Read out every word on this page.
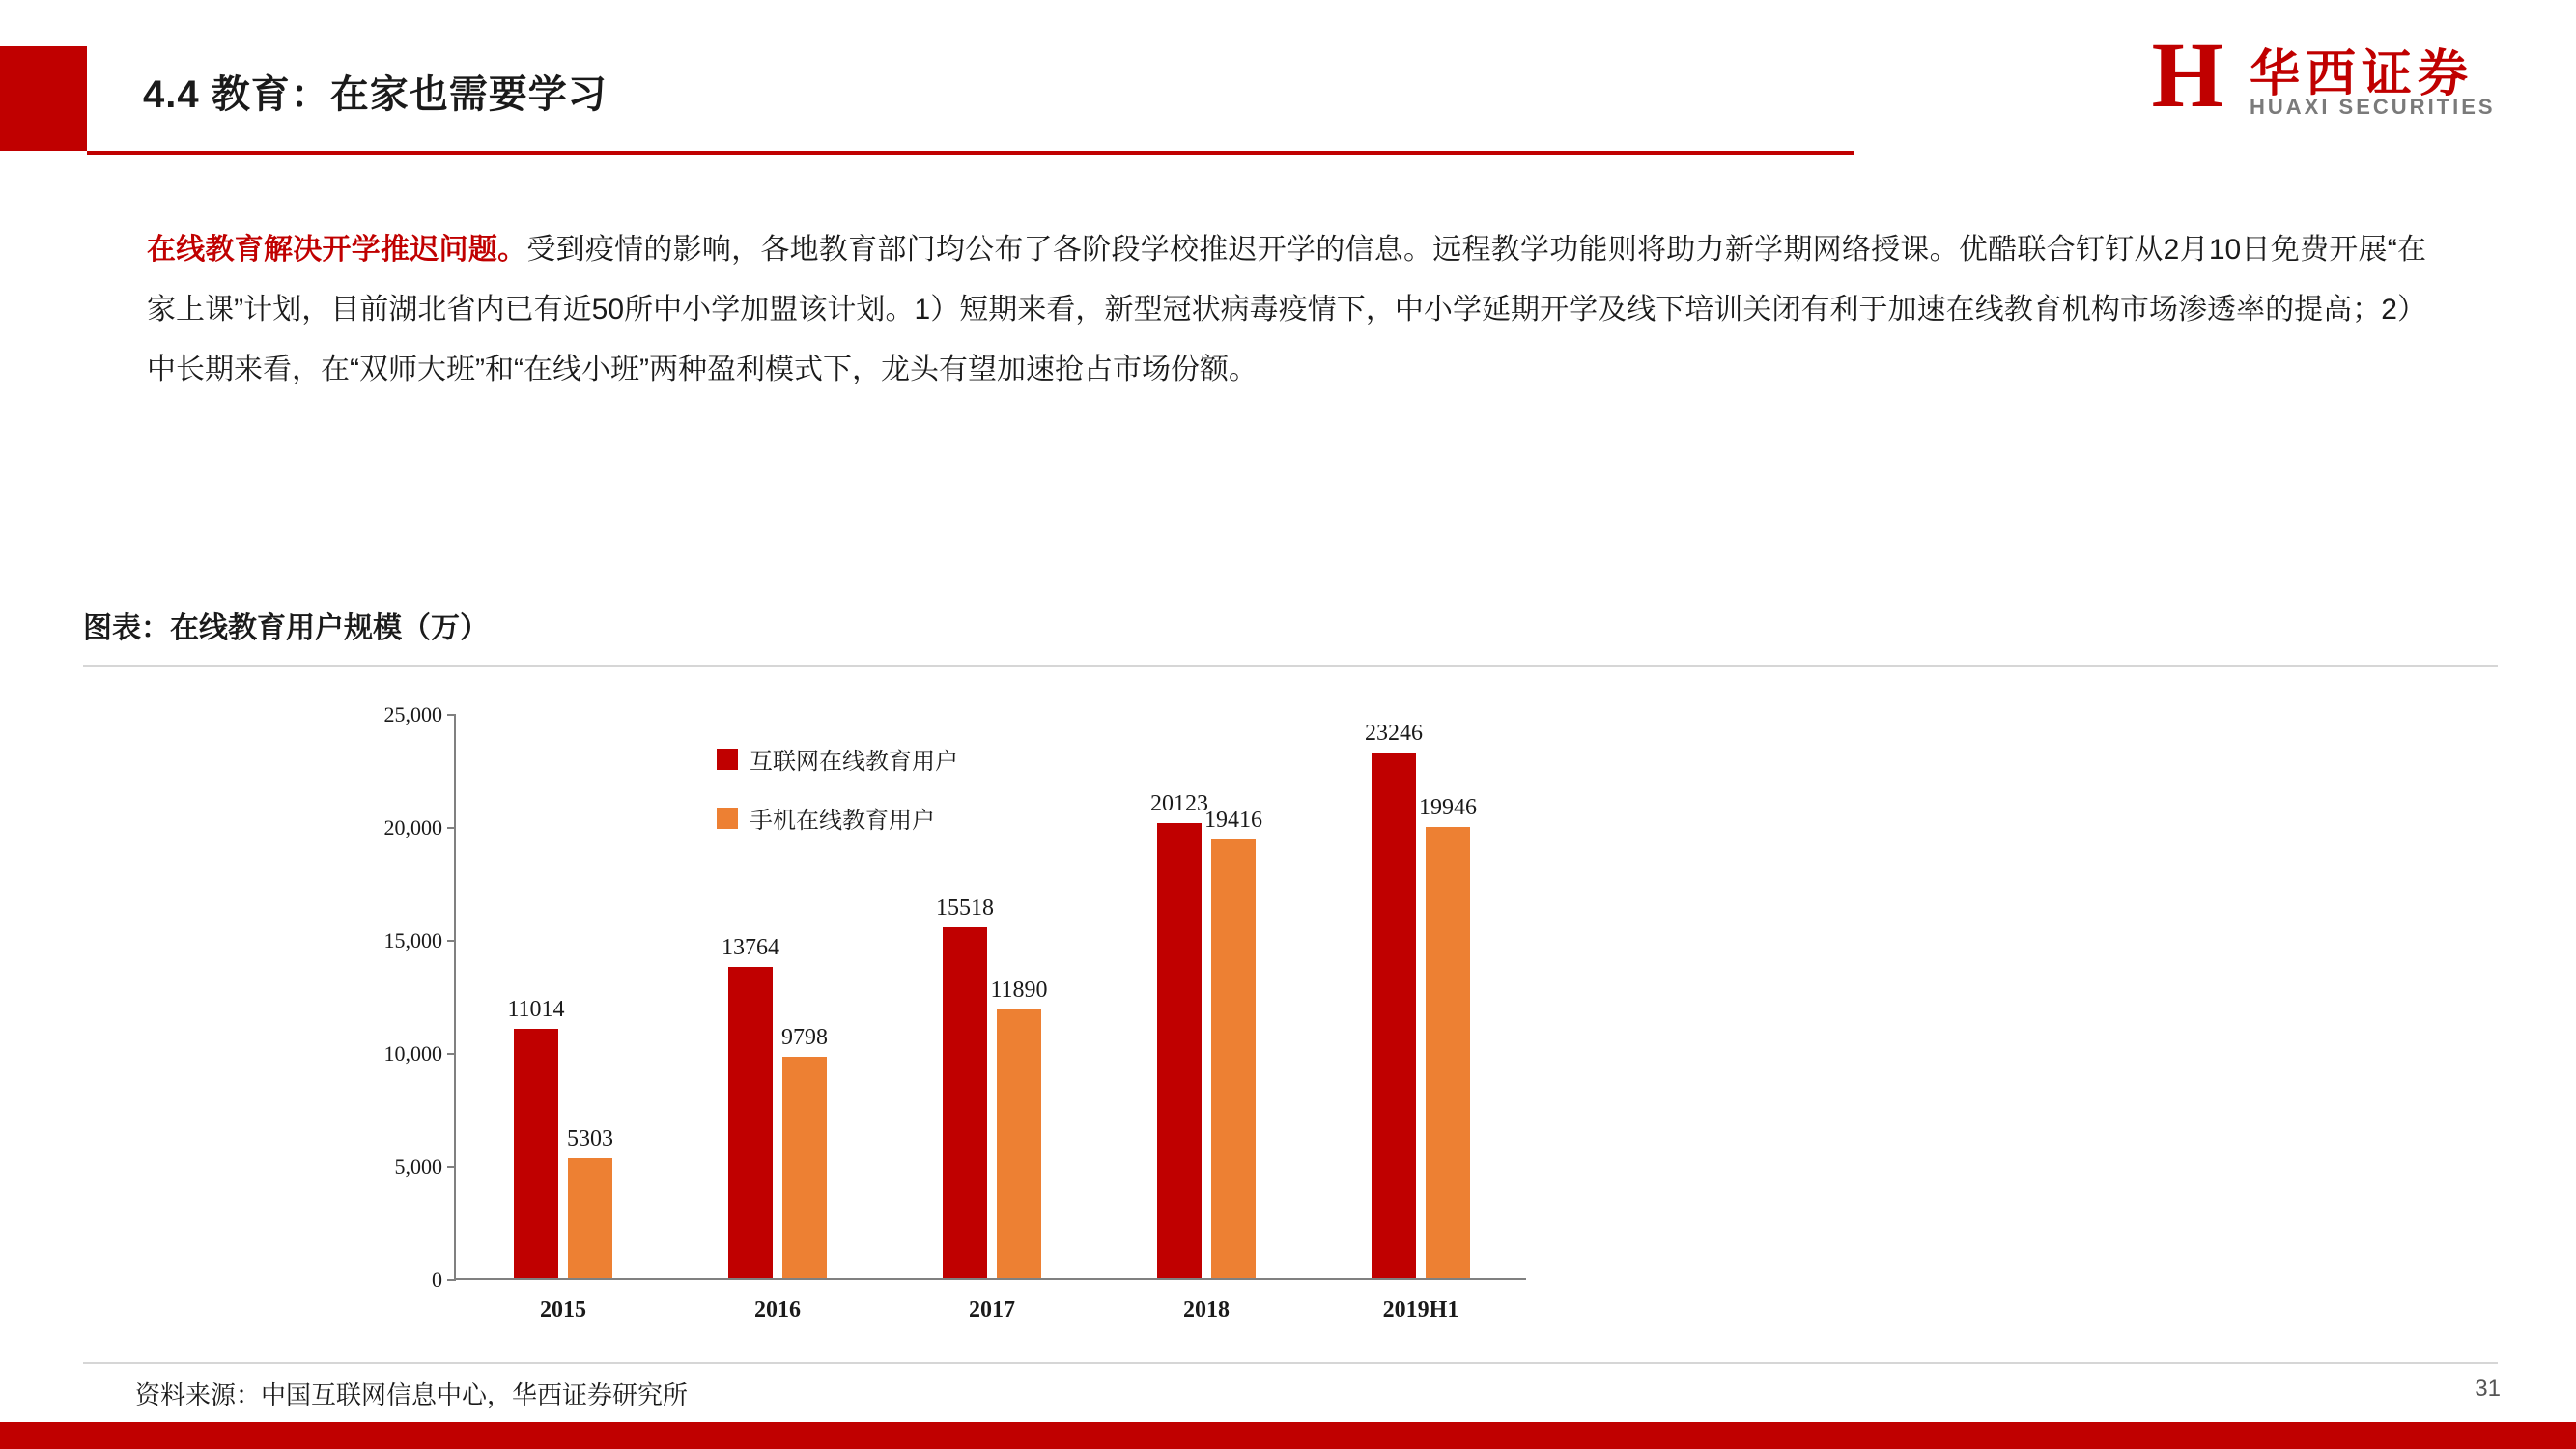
4.4 教育：在家也需要学习	H 华西证券
HUAXI SECURITIES
在线教育解决开学推迟问题。受到疫情的影响，各地教育部门均公布了各阶段学校推迟开学的信息。远程教学功能则将助力新学期网络授课。优酷联合钉钉从2月10日免费开展“在家上课”计划，目前湖北省内已有近50所中小学加盟该计划。1）短期来看，新型冠状病毒疫情下，中小学延期开学及线下培训关闭有利于加速在线教育机构市场渗透率的提高；2）中长期来看，在“双师大班”和“在线小班”两种盈利模式下，龙头有望加速抢占市场份额。
图表：在线教育用户规模（万）
互联网在线教育用户
手机在线教育用户
0
5,000
10,000
15,000
20,000
25,000
11014
5303
2015
13764
9798
2016
15518
11890
2017
20123
19416
2018
23246
19946
2019H1
资料来源：中国互联网信息中心，华西证券研究所	31
